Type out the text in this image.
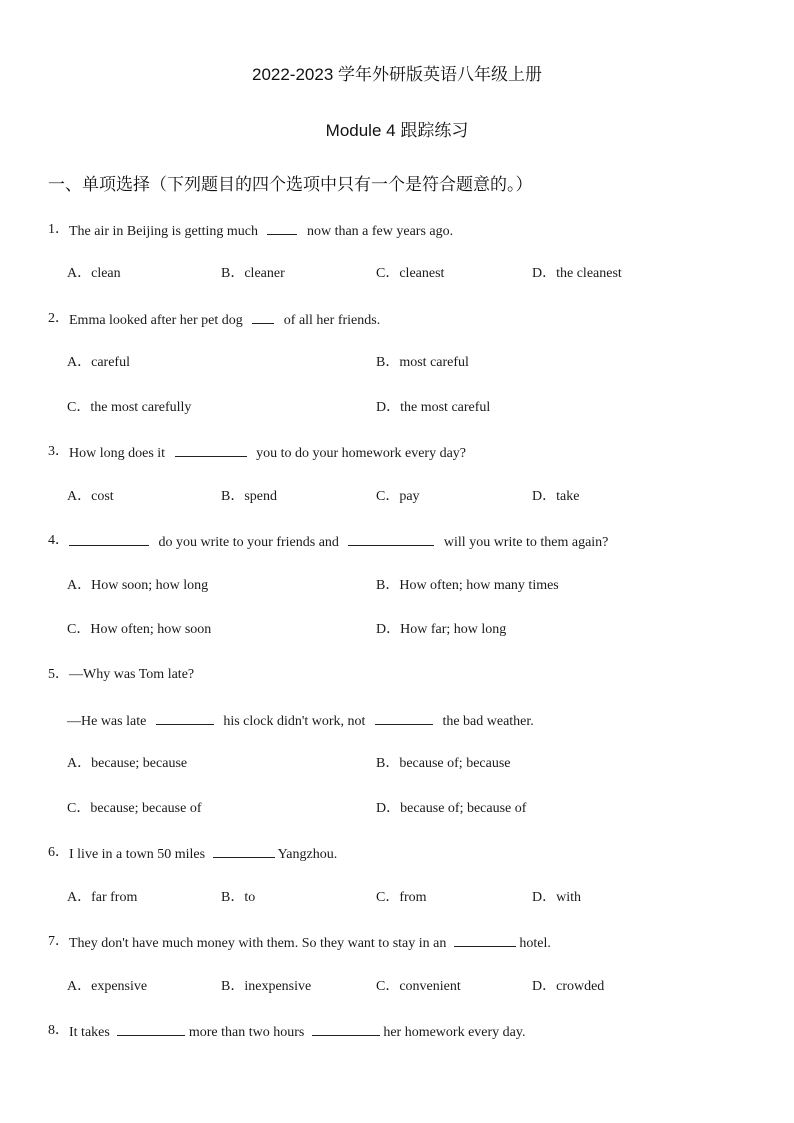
2022-2023 学年外研版英语八年级上册
Module 4 跟踪练习
一、单项选择（下列题目的四个选项中只有一个是符合题意的。）
1． The air in Beijing is getting much	now than a few years ago.
A．clean	B．cleaner	C．cleanest	D．the cleanest
2． Emma looked after her pet dog	of all her friends.
A．careful	B．most careful
C．the most carefully	D．the most careful
3． How long does it	you to do your homework every day?
A．cost	B．spend	C．pay	D．take
4．	do you write to your friends and	will you write to them again?
A．How soon; how long	B．How often; how many times
C．How often; how soon	D．How far; how long
5． —Why was Tom late?
—He was late	his clock didn't work, not	the bad weather.
A．because; because	B．because of; because
C．because; because of	D．because of; because of
6． I live in a town 50 miles	Yangzhou.
A．far from	B．to	C．from	D．with
7． They don't have much money with them. So they want to stay in an	hotel.
A．expensive	B．inexpensive	C．convenient	D．crowded
8． It takes	more than two hours	her homework every day.
